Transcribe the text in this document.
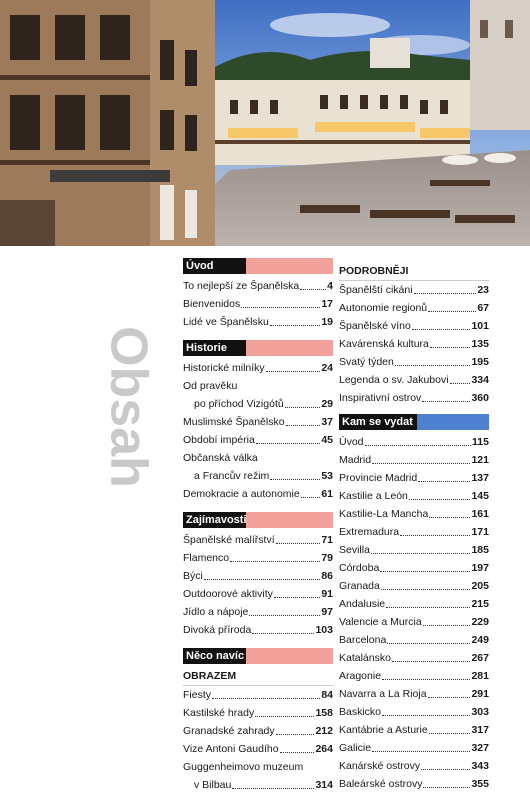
Obsah
Úvod
To nejlepší ze Španělska	4
Bienvenidos	17
Lidé ve Španělsku	19
Historie
Historické milníky	24
Od pravěku
po příchod Vizigótů	29
Muslimské Španělsko	37
Období impéria	45
Občanská válka
a Francův režim	53
Demokracie a autonomie 61
Zajímavosti
Španělské malířství	71
Flamenco	79
Býci	86
Outdoorové aktivity	91
Jídlo a nápoje	97
Divoká příroda	103
Něco navíc
OBRAZEM
Fiesty	84
Kastilské hrady	158
Granadské zahrady	212
Vize Antoni Gaudího	264
Guggenheimovo muzeum
v Bilbau	314
PODROBNĚJI
Španělští cikáni	23
Autonomie regionů	67
Španělské víno	101
Kavárenská kultura	135
Svatý týden	195
Legenda o sv. Jakubovi 334
Inspirativní ostrov	360
Kam se vydat
Úvod	115
Madrid	121
Provincie Madrid	137
Kastilie a León	145
Kastilie-La Mancha	161
Extremadura	171
Sevilla	185
Córdoba	197
Granada	205
Andalusie	215
Valencie a Murcia	229
Barcelona	249
Katalánsko	267
Aragonie	281
Navarra a La Rioja	291
Baskicko	303
Kantábrie a Asturie	317
Galicie	327
Kanárské ostrovy	343
Baleárské ostrovy	355
